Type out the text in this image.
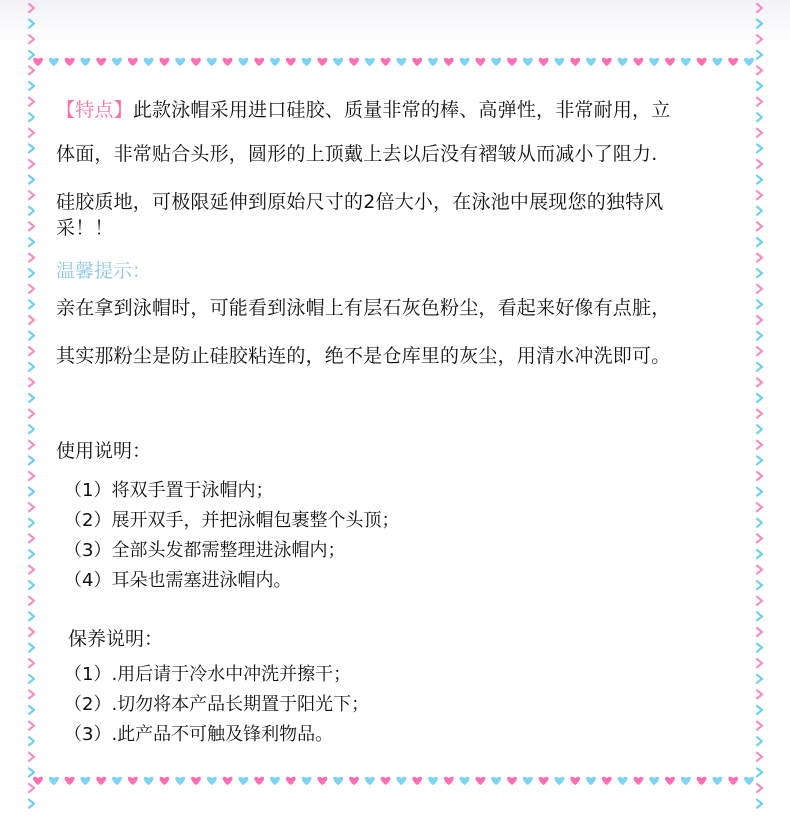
【特点】此款泳帽采用进口硅胶、质量非常的棒、高弹性，非常耐用，立

体面，非常贴合头形，圆形的上顶戴上去以后没有褶皱从而减小了阻力.

硅胶质地，可极限延伸到原始尺寸的2倍大小，在泳池中展现您的独特风

采！！

温馨提示：

亲在拿到泳帽时，可能看到泳帽上有层石灰色粉尘，看起来好像有点脏，

其实那粉尘是防止硅胶粘连的，绝不是仓库里的灰尘，用清水冲洗即可。

使用说明：

（1）将双手置于泳帽内；
（2）展开双手，并把泳帽包裹整个头顶；
（3）全部头发都需整理进泳帽内；
（4）耳朵也需塞进泳帽内。

保养说明：

（1）.用后请于冷水中冲洗并擦干；
（2）.切勿将本产品长期置于阳光下；
（3）.此产品不可触及锋利物品。
